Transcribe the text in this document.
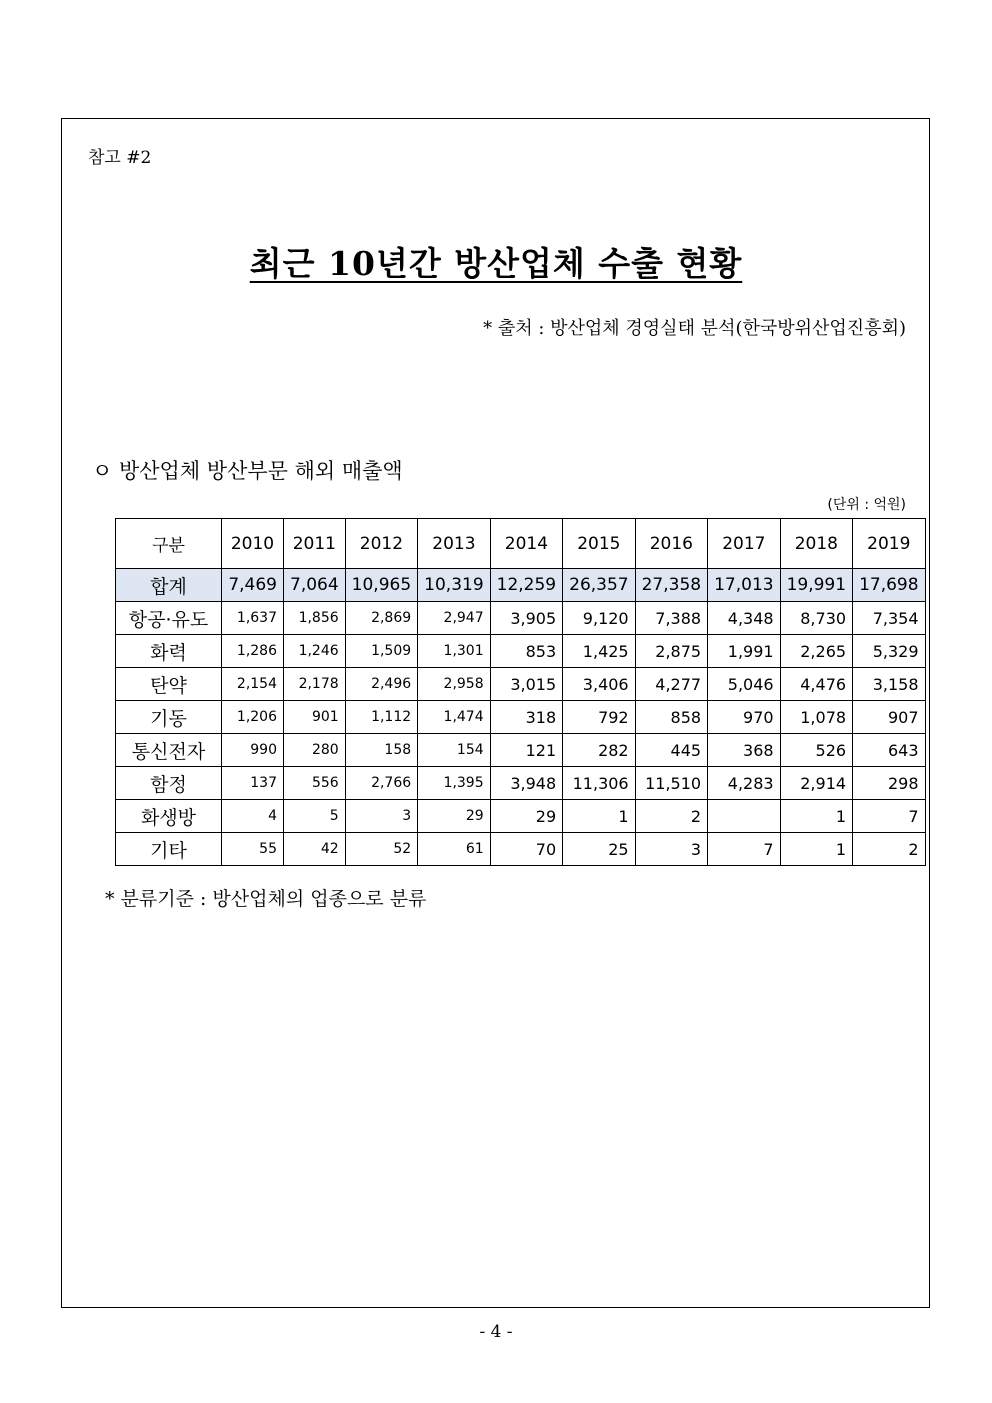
참고 #2
최근 10년간 방산업체 수출 현황
* 출처 : 방산업체 경영실태 분석(한국방위산업진흥회)
ㅇ 방산업체 방산부문 해외 매출액
(단위 : 억원)
구분	2010	2011	2012	2013	2014	2015	2016	2017	2018	2019
합계	7,469	7,064	10,965	10,319	12,259	26,357	27,358	17,013	19,991	17,698
항공·유도	1,637	1,856	2,869	2,947	3,905	9,120	7,388	4,348	8,730	7,354
화력	1,286	1,246	1,509	1,301	853	1,425	2,875	1,991	2,265	5,329
탄약	2,154	2,178	2,496	2,958	3,015	3,406	4,277	5,046	4,476	3,158
기동	1,206	901	1,112	1,474	318	792	858	970	1,078	907
통신전자	990	280	158	154	121	282	445	368	526	643
함정	137	556	2,766	1,395	3,948	11,306	11,510	4,283	2,914	298
화생방	4	5	3	29	29	1	2		1	7
기타	55	42	52	61	70	25	3	7	1	2
* 분류기준 : 방산업체의 업종으로 분류
- 4 -
